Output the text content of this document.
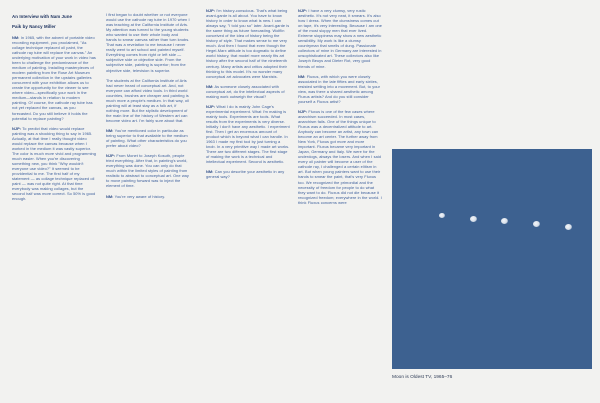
An Interview with Nam June

Paik by Nancy Miller

NM: In 1965, with the advent of portable video recording equipment, you proclaimed, "As collage technique replaced oil paint, the cathode ray tube will replace the canvas." An underlying motivation of your work in video has been to challenge the predominance of the medium of painting. Installing masterpieces of modern painting from the Rose Art Museum permanent collection in the upstairs galleries concurrent with your exhibition allows us to create the opportunity for the viewer to see where video—specifically your work in the medium—stands in relation to modern painting. Of course, the cathode ray tube has not yet replaced the canvas, as you forecasted. Do you still believe it holds the potential to replace painting?

NJP: To predict that video would replace painting was a shocking thing to say in 1965. Actually, at that time I really thought video would replace the canvas because when I worked in the medium it was vastly superior. The color is much more vivid and programming much easier. When you're discovering something new, you think "Why wouldn't everyone use video?" It seemed to be providential to me. The first half of my statement — as collage technique replaced oil paint — was not quite right. At that time everybody was making collages, but the second half was more correct. So 50% is good enough.

I first began to doubt whether or not everyone would use the cathode ray tube in 1970 when I was teaching at the California Institute of Arts. My attention was turned to the young students who wanted to use their whole body and hands to smear canvas rather than turn knobs. That was a revelation to me because I never really went to art school and painted myself. Everything comes from right or left side — subjective side or objective side. From the subjective side, painting is superior; from the objective side, television is superior.

The students at the California Institute of Arts had never heard of conceptual art. And, not everyone can afford video tools. In third world countries, brushes are cheaper and painting is much more a people's medium. In that way, oil painting will at least stay as a folk art, if nothing more. But the stylistic development of the main line of the history of Western art can become video art. I'm fairly sure about that.

NM: You've mentioned color in particular as being superior to that available to the medium of painting. What other characteristics do you prefer about video?

NJP: From Monet to Joseph Kosuth, people tried everything. After that, in painting's world, everything was done. You can only do that much within the limited styles of painting from realistic to abstract to conceptual art. One way to move painting forward was to inject the element of time.

NM: You're very aware of history.

NJP: I'm history-conscious. That's what being avant-garde is all about. You have to know history in order to know what is new. I can always say, "I told you so" later. Avant-garde is the same thing as future forecasting. Wolflin conceived of the idea of history being the history of style. That makes sense to me very much. And then I found that even though the Hegel-Marx attitude is too dogmatic to define world history, that model more nearly fits art history after the second half of the nineteenth century. Many artists and critics adopted their thinking to this model. It's no wonder many conceptual art advocates were Marxists.

NM: As someone closely associated with conceptual art, do the intellectual aspects of making work outweigh the visual?

NJP: What I do is mainly John Cage's experimental experiment. What I'm making is mainly tools. Experiments are tools. What results from the experiments is very diverse. Initially I don't have any aesthetic. I experiment first. Then I get an enormous amount of product which is beyond what I can handle. In 1963 I made my first tool by just turning a knob. In a very primitive way I made art works. There are two different stages. The first stage of making the work is a technical and intellectual experiment. Second is aesthetic.

NM: Can you describe your aesthetic in any general way?

NJP: I have a very clumsy, very rustic aesthetic. It's not very neat, it smears. It's also how I dress. When the clumsiness comes out on tape, it's very interesting. Because I am one of the most sloppy men that ever lived. Extreme sloppiness may show a new aesthetic sensibility. My work is like a clumsy countryman that smells of dung. Passionate collectors of mine in Germany are interested in unsophisticated art. These collectors also like Joseph Beuys and Dieter Rot, very good friends of mine.

NM: Fluxus, with which you were closely associated in the late fifties and early sixties, resisted settling into a movement. But, to your view, was there a shared aesthetic among Fluxus artists? And do you still consider yourself a Fluxus artist?

NJP: Fluxus is one of the few cases where anarchism succeeded. In most cases, anarchism fails. One of the things unique to Fluxus was a decentralized attitude to art. Anybody can become an artist, any town can become an art center. The further away from New York, Fluxus got more and more important. Fluxus became very important in Japan, Germany and Italy. We were for the underdogs, always the losers. And when I said every oil painter will become a user of the cathode ray, I challenged a certain elitism in art. But when young painters want to use their hands to smear the paint, that's very Fluxus too. We recognized the primordial and the necessity of freedom for people to do what they want to do. Fluxus did not die because it recognized freedom; everywhere in the world. I think Fluxus concerns were

Moon is Oldest TV, 1965–76
